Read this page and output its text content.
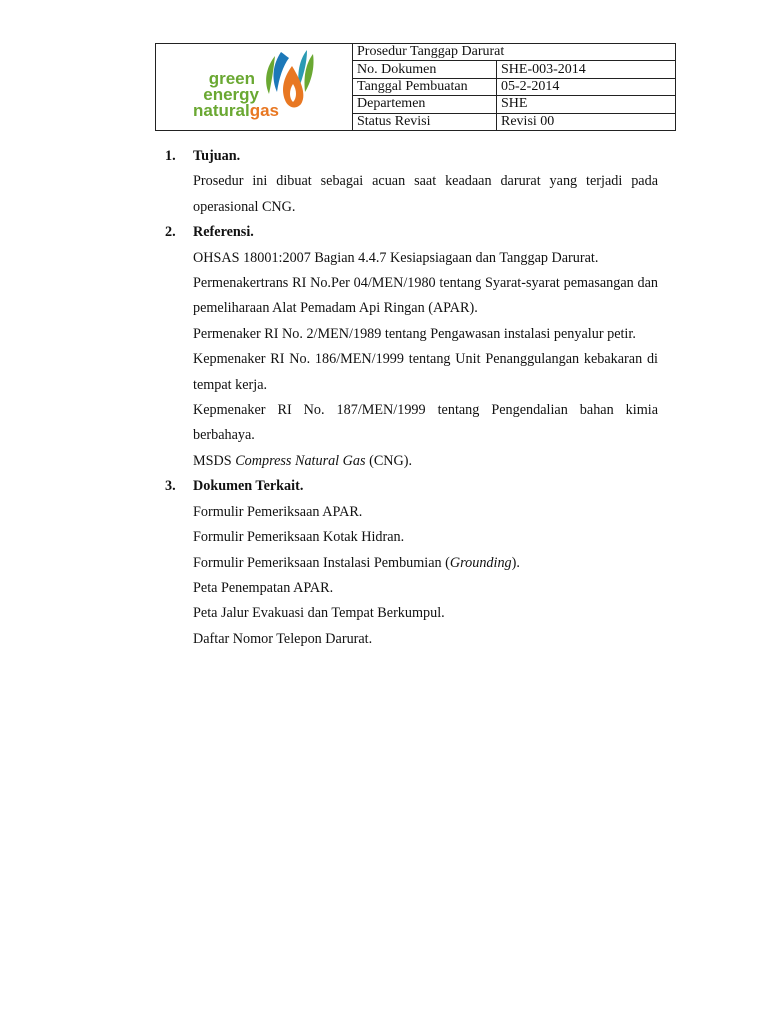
green
energy
naturalgas	Prosedur Tanggap Darurat	
	No. Dokumen	SHE-003-2014
	Tanggal Pembuatan	05-2-2014
	Departemen	SHE
	Status Revisi	Revisi 00
1.	Tujuan.
Prosedur ini dibuat sebagai acuan saat keadaan darurat yang terjadi pada operasional CNG.
2.	Referensi.
OHSAS 18001:2007 Bagian 4.4.7 Kesiapsiagaan dan Tanggap Darurat.
Permenakertrans RI No.Per 04/MEN/1980 tentang Syarat-syarat pemasangan dan pemeliharaan Alat Pemadam Api Ringan (APAR).
Permenaker RI No. 2/MEN/1989 tentang Pengawasan instalasi penyalur petir.
Kepmenaker RI No. 186/MEN/1999 tentang Unit Penanggulangan kebakaran di tempat kerja.
Kepmenaker RI No. 187/MEN/1999 tentang Pengendalian bahan kimia berbahaya.
MSDS Compress Natural Gas (CNG).
3.	Dokumen Terkait.
Formulir Pemeriksaan APAR.
Formulir Pemeriksaan Kotak Hidran.
Formulir Pemeriksaan Instalasi Pembumian (Grounding).
Peta Penempatan APAR.
Peta Jalur Evakuasi dan Tempat Berkumpul.
Daftar Nomor Telepon Darurat.
